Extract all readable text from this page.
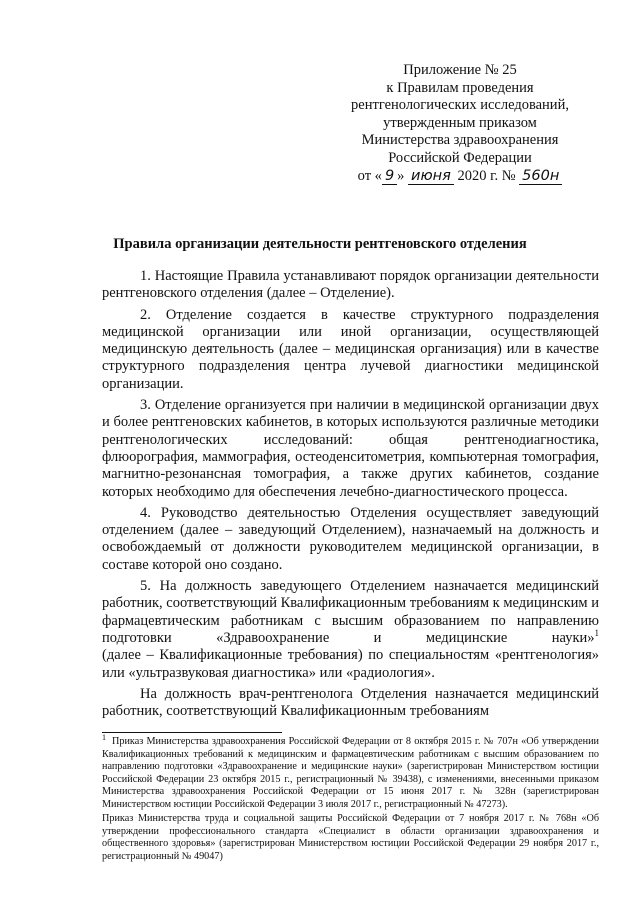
Приложение № 25
к Правилам проведения
рентгенологических исследований,
утвержденным приказом
Министерства здравоохранения
Российской Федерации
от « 9 » июня 2020 г. № 560н
Правила организации деятельности рентгеновского отделения

1. Настоящие Правила устанавливают порядок организации деятельности рентгеновского отделения (далее – Отделение).

2. Отделение создается в качестве структурного подразделения медицинской организации или иной организации, осуществляющей медицинскую деятельность (далее – медицинская организация) или в качестве структурного подразделения центра лучевой диагностики медицинской организации.

3. Отделение организуется при наличии в медицинской организации двух и более рентгеновских кабинетов, в которых используются различные методики рентгенологических исследований: общая рентгенодиагностика, флюорография, маммография, остеоденситометрия, компьютерная томография, магнитно-резонансная томография, а также других кабинетов, создание которых необходимо для обеспечения лечебно-диагностического процесса.

4. Руководство деятельностью Отделения осуществляет заведующий отделением (далее – заведующий Отделением), назначаемый на должность и освобождаемый от должности руководителем медицинской организации, в составе которой оно создано.

5. На должность заведующего Отделением назначается медицинский работник, соответствующий Квалификационным требованиям к медицинским и фармацевтическим работникам с высшим образованием по направлению подготовки «Здравоохранение и медицинские науки»$^1$

(далее – Квалификационные требования) по специальностям «рентгенология» или «ультразвуковая диагностика» или «радиология».

На должность врач-рентгенолога Отделения назначается медицинский работник, соответствующий Квалификационным требованиям

$^1$ Приказ Министерства здравоохранения Российской Федерации от 8 октября 2015 г. № 707н «Об утверждении Квалификационных требований к медицинским и фармацевтическим работникам с высшим образованием по направлению подготовки «Здравоохранение и медицинские науки» (зарегистрирован Министерством юстиции Российской Федерации 23 октября 2015 г., регистрационный № 39438), с изменениями, внесенными приказом Министерства здравоохранения Российской Федерации от 15 июня 2017 г. № 328н (зарегистрирован Министерством юстиции Российской Федерации 3 июля 2017 г., регистрационный № 47273).

Приказ Министерства труда и социальной защиты Российской Федерации от 7 ноября 2017 г. № 768н «Об утверждении профессионального стандарта «Специалист в области организации здравоохранения и общественного здоровья» (зарегистрирован Министерством юстиции Российской Федерации 29 ноября 2017 г., регистрационный № 49047)
